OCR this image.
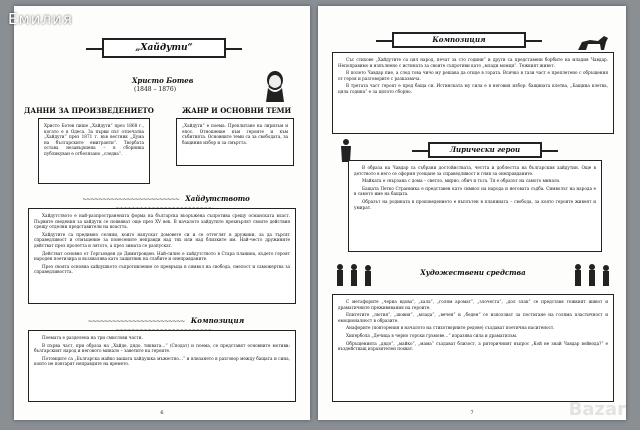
Емилия
„Хайдути“
Христо Ботев
(1848 – 1876)
ДАННИ ЗА ПРОИЗВЕДЕНИЕТО	ЖАНР И ОСНОВНИ ТЕМИ
Христо Ботев пише „Хайдути“ през 1868 г., когато е в Одеса. За първи път отпечатва „Хайдути“ през 1871 г. във вестник „Дума на българските емигранти“. Творбата остава незавършена – в сборника публикуван е отбелязано „следва“.
„Хайдути“ е поема. Преплитане на лиризъм и епос. Отношение към героите и към събитията. Основните теми са за свободата, за бащиния избор и за смъртта.
~~~~~ Хайдутството ~~~~~

Хайдутството е най-разпространената форма на българска въоръжена съпротива срещу османската власт. Първите сведения за хайдути се появяват още през XV век. В началото хайдутите прехвърлят своите действия срещу отделни представители на властта.

Хайдутите са предимно селяни, които напускат домовете си и се оттеглят в дружини, за да търсят справедливост и отмъщение за понесените неправди над тях или над близките им. Най-често дружините действат през пролетта и лятото, а през зимата се разпускат.

Действат основно от Гергьовден до Димитровден. Най-силно е хайдутството в Стара планина, където героят народен поетизира и възхвалява като защитник на слабите и онеправданите.

През своята основна хайдушкото съпротивление се превръща в символ на свобода, смелост и саможертва за справедливостта.

~~~~~ Композиция ~~~~~

Поемата е разделена на три смислови части.

В първа част, при образа на „Хайде, дядо, тиквата…“ (Сподат) и поема, се представят основните мотиви: българският народ и неговото минало – заветите на героите.

Потомците са „Българска майко вашата хайдушка мъжество…“ и влизането в разговор между бащата и сина, които не повтарят неправдите на времето.

6
Композиция

Със стихове „Хайдутите са цял народ, печат за сто години“ и други са представени борбите на младия Чавдар. Непоправимо и изпълнено с истината за своите съпротиви като „млади момци“. Тежкият живот.

В полето Чавдар пие, а след това чичо му решава да отиде в гората. Всичко в тази част е преплетено с обръщения от героя и разговорите с разказвача.

В третата част героят е пред баща си. Истинската му сила е в неговия избор: бащината клетва, „Бащина клетва, цяла година“ е за цялото сборно.

Лирически герои

В образа на Чавдар са събрани достойнствата, честта и доблестта на българския хайдутин. Още в детството в него се оформя усещане за справедливост и гняв за онеправданите.

Майката е свързана с дома – светло, мирно, обич и тъга. Тя е образът на самото минало.

Бащата Петко Странника е представен като символ на народа и неговата съдба. Символът на народа е в самото име на бащата.

Образът на родината в произведението е въплътен в планината – свобода, за която героите живеят и умират.

Художествени средства

С метафорите „черна вдова“, „хала“, „голям аромат“, „злочеста“, „дол злак“ се представя тежкият живот и драматичните преживявания на героите.

Епитетите „лютия“, „шовия“, „млада“, „вечен“ и „беден“ се използват за постигане на голяма пластичност и емоционалност в образите.

Анафорите (повторения в началото на стихотворните редове) създават поетична наситеност.

Хипербола „Дечица в черно горски гръмове…“ изразява сила и драматизъм.

Обръщенията „дядо“, „майко“, „мама“ създават близост, а риторичният въпрос „Кой не знай Чавдар войвода?“ е въздействащ изразителен похват.

7	Bazar
